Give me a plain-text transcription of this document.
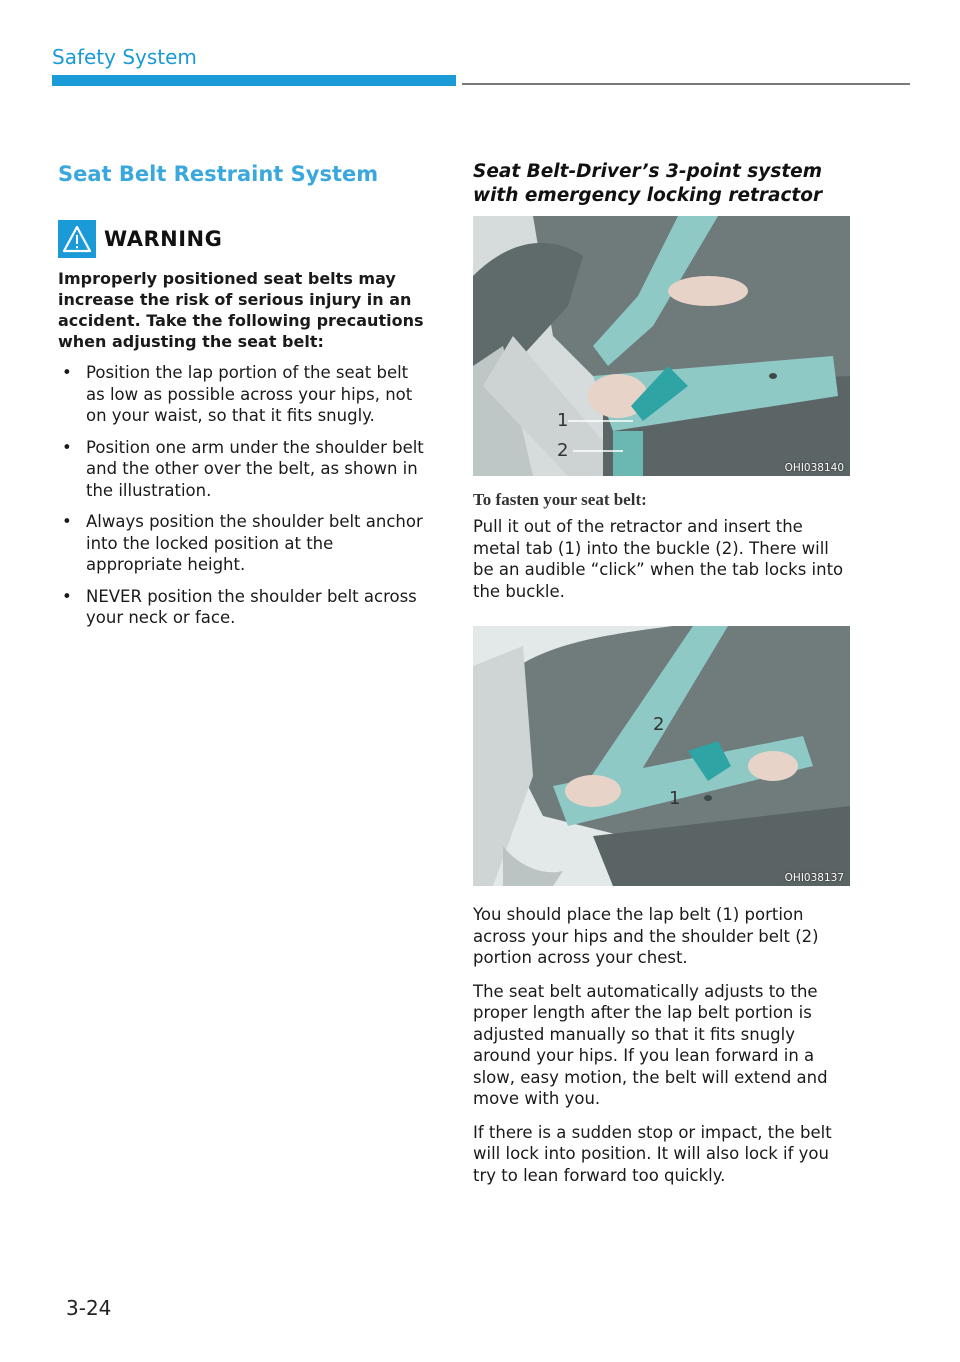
Safety System
Seat Belt Restraint System
WARNING

Improperly positioned seat belts may increase the risk of serious injury in an accident. Take the following precautions when adjusting the seat belt:

• Position the lap portion of the seat belt as low as possible across your hips, not on your waist, so that it fits snugly.
• Position one arm under the shoulder belt and the other over the belt, as shown in the illustration.
• Always position the shoulder belt anchor into the locked position at the appropriate height.
• NEVER position the shoulder belt across your neck or face.
Seat Belt-Driver’s 3-point system with emergency locking retractor
1
2
OHI038140
To fasten your seat belt:

Pull it out of the retractor and insert the metal tab (1) into the buckle (2). There will be an audible “click” when the tab locks into the buckle.

2
1
OHI038137

You should place the lap belt (1) portion across your hips and the shoulder belt (2) portion across your chest.

The seat belt automatically adjusts to the proper length after the lap belt portion is adjusted manually so that it fits snugly around your hips. If you lean forward in a slow, easy motion, the belt will extend and move with you.

If there is a sudden stop or impact, the belt will lock into position. It will also lock if you try to lean forward too quickly.

3-24
